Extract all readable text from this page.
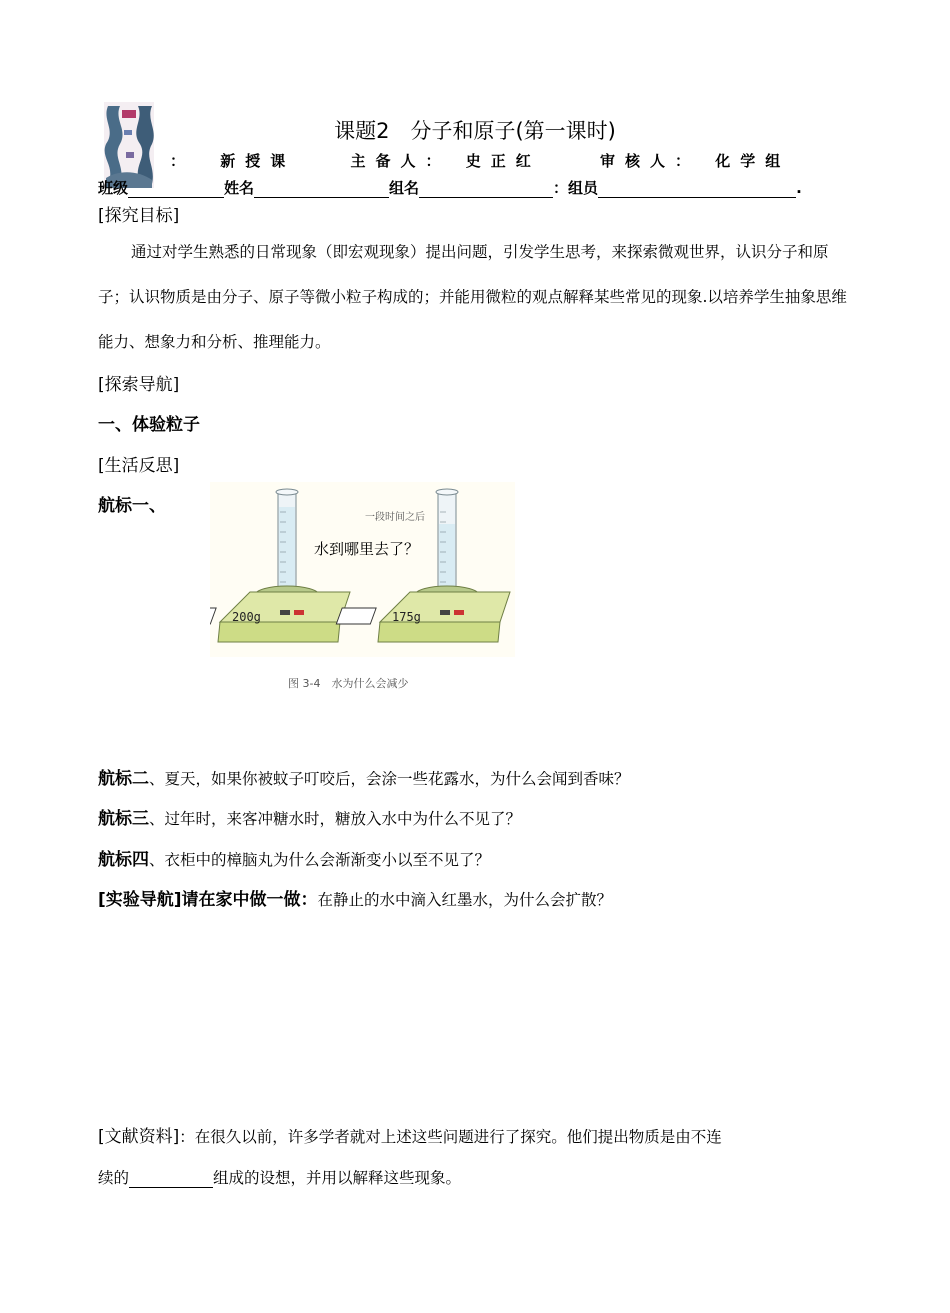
课题2　分子和原子(第一课时)
： 新授课	主备人： 史正红	审核人： 化学组
班级	姓名	组名	：组员	.
[探究目标]
通过对学生熟悉的日常现象（即宏观现象）提出问题，引发学生思考，来探索微观世界，认识分子和原子；认识物质是由分子、原子等微小粒子构成的；并能用微粒的观点解释某些常见的现象.以培养学生抽象思维能力、想象力和分析、推理能力。
[探索导航]
一、体验粒子
[生活反思]
航标一、
200g	175g
一段时间之后
水到哪里去了？
图 3-4　水为什么会减少
航标二、夏天，如果你被蚊子叮咬后，会涂一些花露水，为什么会闻到香味？
航标三、过年时，来客冲糖水时，糖放入水中为什么不见了？
航标四、衣柜中的樟脑丸为什么会渐渐变小以至不见了？
[实验导航]请在家中做一做：在静止的水中滴入红墨水，为什么会扩散？
[文献资料]：在很久以前，许多学者就对上述这些问题进行了探究。他们提出物质是由不连
续的	组成的设想，并用以解释这些现象。
